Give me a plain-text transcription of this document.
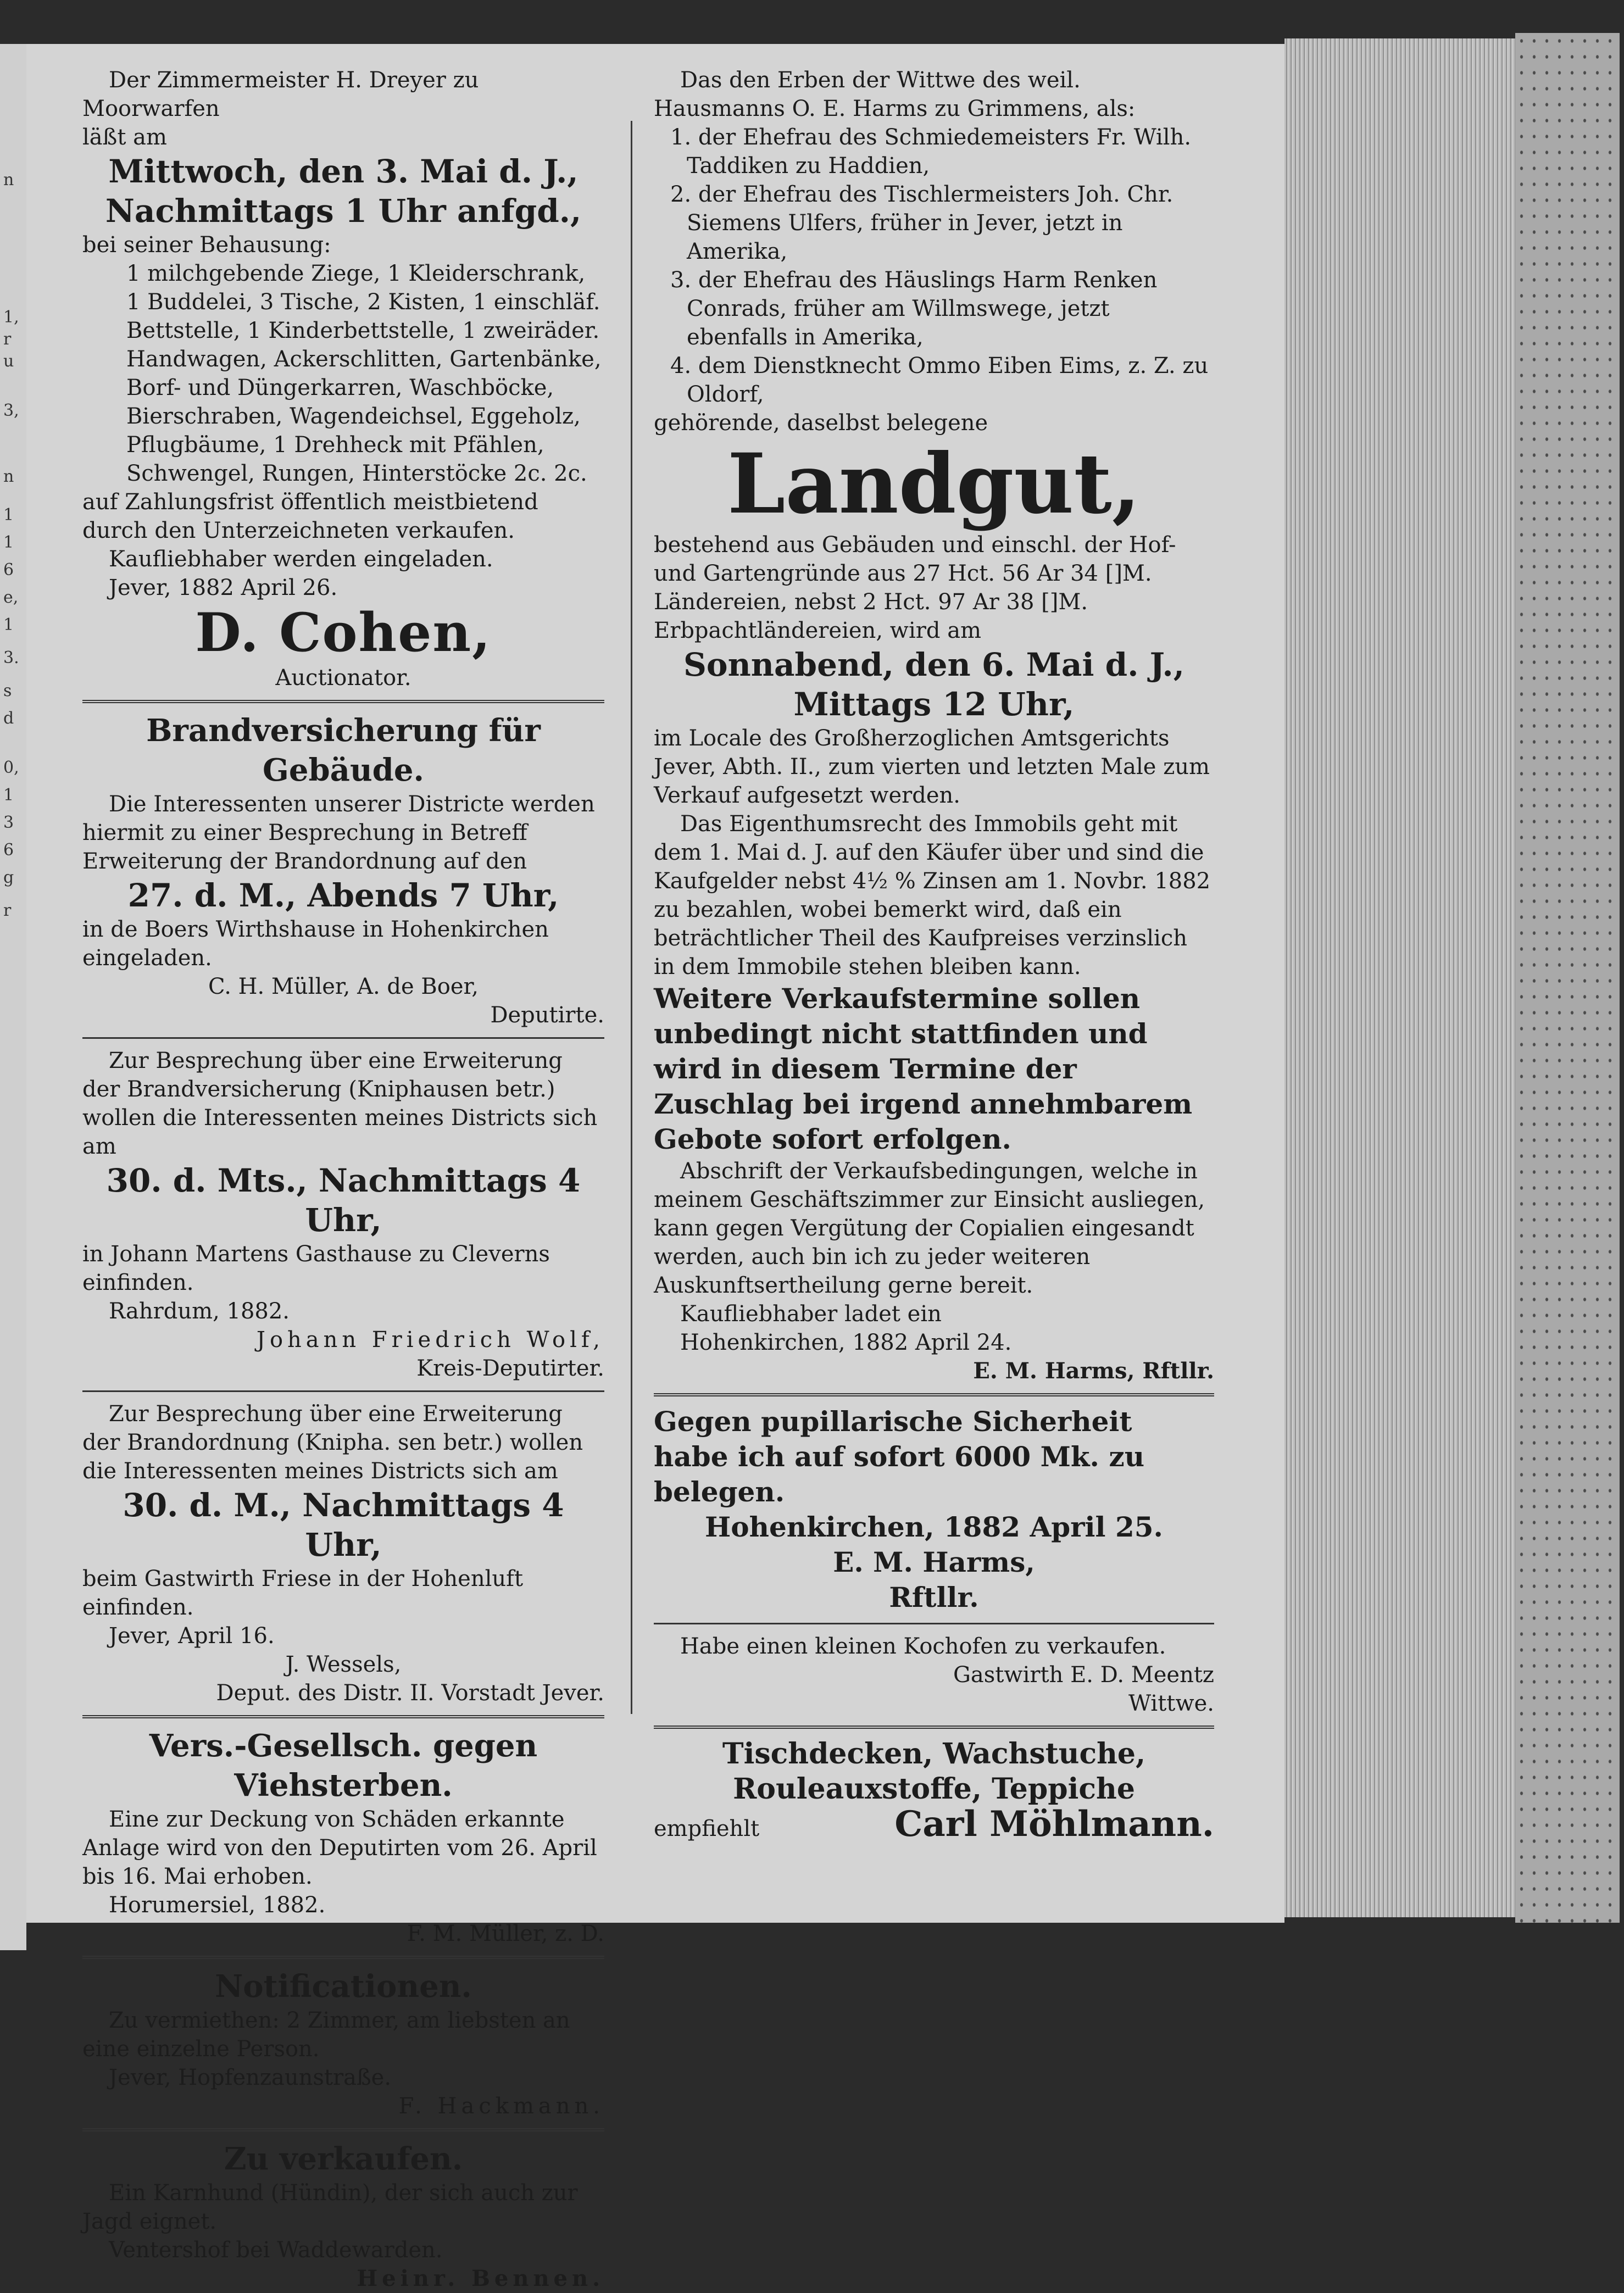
n
1,
r
u
3,
n
1
1
6
e,
1
3.
s
d
0,
1
3
6
g
r

Der Zimmermeister H. Dreyer zu Moorwarfen

läßt am

Mittwoch, den 3. Mai d. J.,

Nachmittags 1 Uhr anfgd.,

bei seiner Behausung:

1 milchgebende Ziege, 1 Kleiderschrank, 1 Buddelei, 3 Tische, 2 Kisten, 1 einschläf. Bettstelle, 1 Kinderbettstelle, 1 zweiräder. Handwagen, Ackerschlitten, Gartenbänke, Borf- und Düngerkarren, Waschböcke, Bierschraben, Wagendeichsel, Eggeholz, Pflugbäume, 1 Drehheck mit Pfählen, Schwengel, Rungen, Hinterstöcke 2c. 2c.

auf Zahlungsfrist öffentlich meistbietend durch den Unterzeichneten verkaufen.

Kaufliebhaber werden eingeladen.

Jever, 1882 April 26.

D. Cohen,

Auctionator.

Brandversicherung für Gebäude.

Die Interessenten unserer Districte werden hiermit zu einer Besprechung in Betreff Erweiterung der Brandordnung auf den

27. d. M., Abends 7 Uhr,

in de Boers Wirthshause in Hohenkirchen eingeladen.

C. H. Müller, A. de Boer,

Deputirte.

Zur Besprechung über eine Erweiterung der Brandversicherung (Kniphausen betr.) wollen die Interessenten meines Districts sich am

30. d. Mts., Nachmittags 4 Uhr,

in Johann Martens Gasthause zu Cleverns einfinden.

Rahrdum, 1882.

Johann Friedrich Wolf,

Kreis-Deputirter.

Zur Besprechung über eine Erweiterung der Brandordnung (Knipha. sen betr.) wollen die Interessenten meines Districts sich am

30. d. M., Nachmittags 4 Uhr,

beim Gastwirth Friese in der Hohenluft einfinden.

Jever, April 16.

J. Wessels,

Deput. des Distr. II. Vorstadt Jever.

Vers.-Gesellsch. gegen Viehsterben.

Eine zur Deckung von Schäden erkannte Anlage wird von den Deputirten vom 26. April bis 16. Mai erhoben.

Horumersiel, 1882.

F. M. Müller, z. D.

Notificationen.

Zu vermiethen: 2 Zimmer, am liebsten an eine einzelne Person.

Jever, Hopfenzaunstraße.

F. Hackmann.

Zu verkaufen.

Ein Karnhund (Hündin), der sich auch zur Jagd eignet.

Ventershof bei Waddewarden.

Heinr. Bennen.

Das den Erben der Wittwe des weil. Hausmanns O. E. Harms zu Grimmens, als:

1. der Ehefrau des Schmiedemeisters Fr. Wilh. Taddiken zu Haddien,

2. der Ehefrau des Tischlermeisters Joh. Chr. Siemens Ulfers, früher in Jever, jetzt in Amerika,

3. der Ehefrau des Häuslings Harm Renken Conrads, früher am Willmswege, jetzt ebenfalls in Amerika,

4. dem Dienstknecht Ommo Eiben Eims, z. Z. zu Oldorf,

gehörende, daselbst belegene

Landgut,

bestehend aus Gebäuden und einschl. der Hof- und Gartengründe aus 27 Hct. 56 Ar 34 []M. Ländereien, nebst 2 Hct. 97 Ar 38 []M. Erbpachtländereien, wird am

Sonnabend, den 6. Mai d. J.,

Mittags 12 Uhr,

im Locale des Großherzoglichen Amtsgerichts Jever, Abth. II., zum vierten und letzten Male zum Verkauf aufgesetzt werden.

Das Eigenthumsrecht des Immobils geht mit dem 1. Mai d. J. auf den Käufer über und sind die Kaufgelder nebst 4½ % Zinsen am 1. Novbr. 1882 zu bezahlen, wobei bemerkt wird, daß ein beträchtlicher Theil des Kaufpreises verzinslich in dem Immobile stehen bleiben kann.

Weitere Verkaufstermine sollen unbedingt nicht stattfinden und wird in diesem Termine der Zuschlag bei irgend annehmbarem Gebote sofort erfolgen.

Abschrift der Verkaufsbedingungen, welche in meinem Geschäftszimmer zur Einsicht ausliegen, kann gegen Vergütung der Copialien eingesandt werden, auch bin ich zu jeder weiteren Auskunftsertheilung gerne bereit.

Kaufliebhaber ladet ein

Hohenkirchen, 1882 April 24.

E. M. Harms, Rftllr.

Gegen pupillarische Sicherheit habe ich auf sofort 6000 Mk. zu belegen.

Hohenkirchen, 1882 April 25.

E. M. Harms,

Rftllr.

Habe einen kleinen Kochofen zu verkaufen.

Gastwirth E. D. Meentz

Wittwe.

Tischdecken, Wachstuche,

Rouleauxstoffe, Teppiche

empfiehlt	Carl Möhlmann.
